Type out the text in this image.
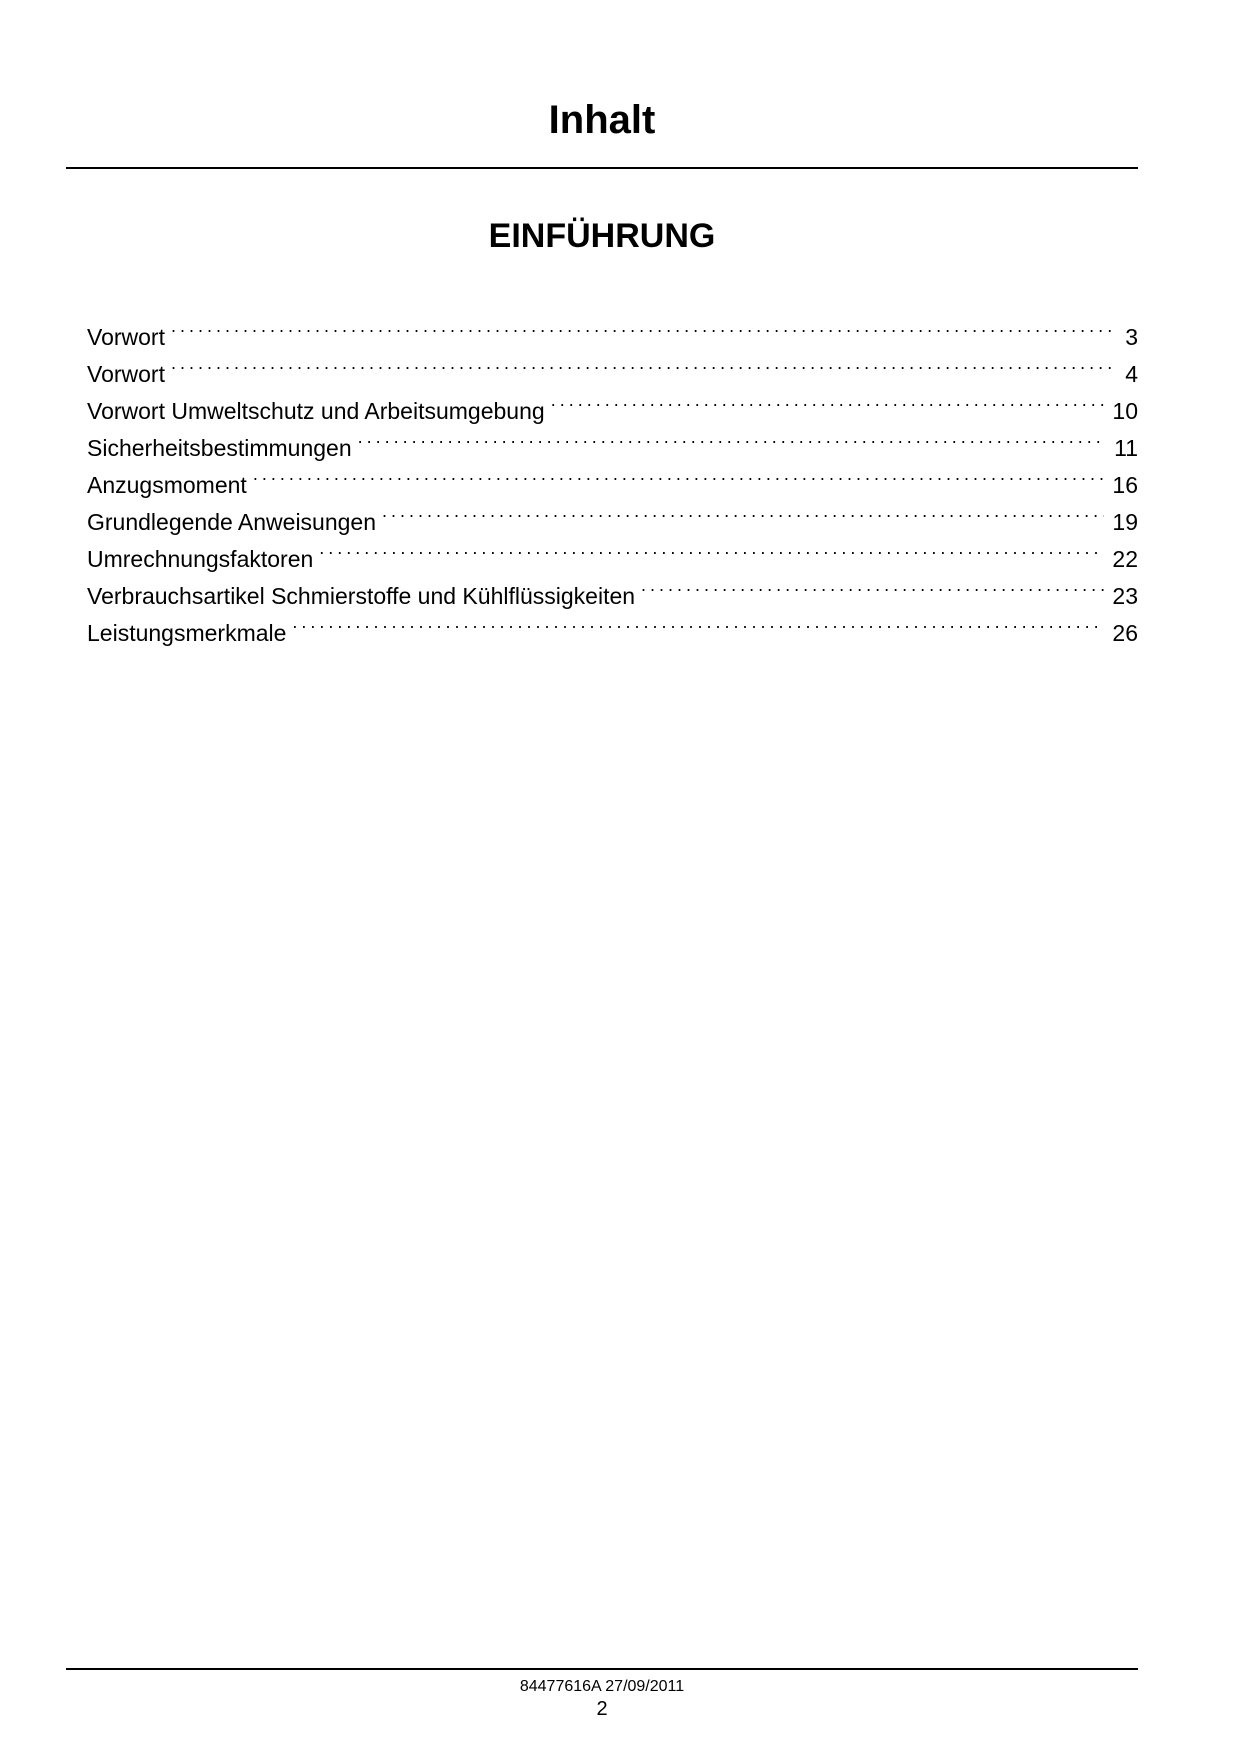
Inhalt
EINFÜHRUNG
Vorwort . . .	3
Vorwort . . .	4
Vorwort Umweltschutz und Arbeitsumgebung . . .	10
Sicherheitsbestimmungen . . .	11
Anzugsmoment . . .	16
Grundlegende Anweisungen . . .	19
Umrechnungsfaktoren . . .	22
Verbrauchsartikel Schmierstoffe und Kühlflüssigkeiten . . .	23
Leistungsmerkmale . . .	26
84477616A 27/09/2011
2
